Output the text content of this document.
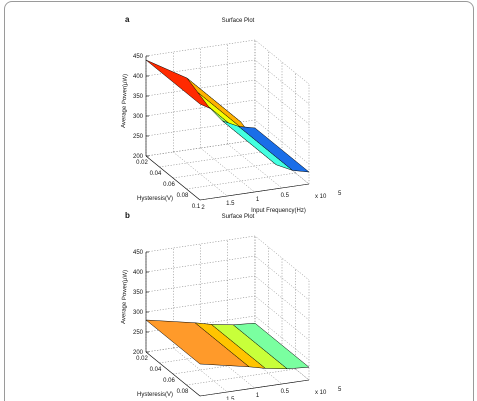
200
250
300
350
400
450
0.02
0.04
0.06
0.08
0.1 2
1.5
1
0.5	x 10 5
Average Power(µW)
Hysteresis(V)
Input Frequency(Hz)
Surface Plot
a
200
250
300
350
400
450
0.02
0.04
0.06
0.08
1.5
1
0.5	x 10 5
Average Power(µW)
Hysteresis(V)
Surface Plot
b
